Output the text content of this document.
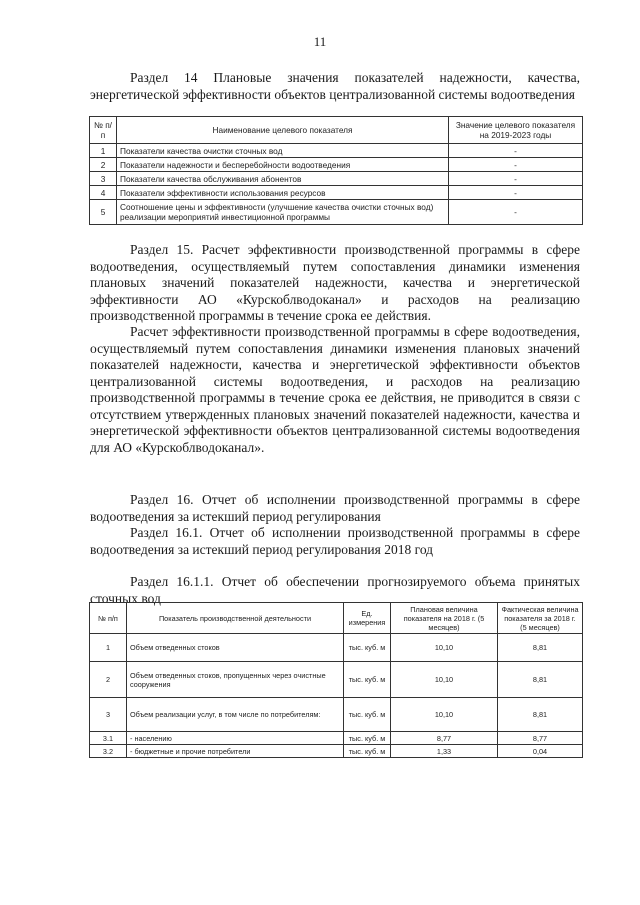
11

Раздел 14 Плановые значения показателей надежности, качества, энергетической эффективности объектов централизованной системы водоотведения

№ п/п	Наименование целевого показателя	Значение целевого показателя на 2019-2023 годы
1	Показатели качества очистки сточных вод	-
2	Показатели надежности и бесперебойности водоотведения	-
3	Показатели качества обслуживания абонентов	-
4	Показатели эффективности использования ресурсов	-
5	Соотношение цены и эффективности (улучшение качества очистки сточных вод) реализации мероприятий инвестиционной программы	-

Раздел 15. Расчет эффективности производственной программы в сфере водоотведения, осуществляемый путем сопоставления динамики изменения плановых значений показателей надежности, качества и энергетической эффективности АО «Курскоблводоканал» и расходов на реализацию производственной программы в течение срока ее действия.

Расчет эффективности производственной программы в сфере водоотведения, осуществляемый путем сопоставления динамики изменения плановых значений показателей надежности, качества и энергетической эффективности объектов централизованной системы водоотведения, и расходов на реализацию производственной программы в течение срока ее действия, не приводится в связи с отсутствием утвержденных плановых значений показателей надежности, качества и энергетической эффективности объектов централизованной системы водоотведения для АО «Курскоблводоканал».

Раздел 16. Отчет об исполнении производственной программы в сфере водоотведения за истекший период регулирования

Раздел 16.1. Отчет об исполнении производственной программы в сфере водоотведения за истекший период регулирования 2018 год

Раздел 16.1.1. Отчет об обеспечении прогнозируемого объема принятых сточных вод

№ п/п	Показатель производственной деятельности	Ед. измерения	Плановая величина показателя на 2018 г. (5 месяцев)	Фактическая величина показателя за 2018 г. (5 месяцев)
1	Объем отведенных стоков	тыс. куб. м	10,10	8,81
2	Объем отведенных стоков, пропущенных через очистные сооружения	тыс. куб. м	10,10	8,81
3	Объем реализации услуг, в том числе по потребителям:	тыс. куб. м	10,10	8,81
3.1	- населению	тыс. куб. м	8,77	8,77
3.2	- бюджетные и прочие потребители	тыс. куб. м	1,33	0,04
